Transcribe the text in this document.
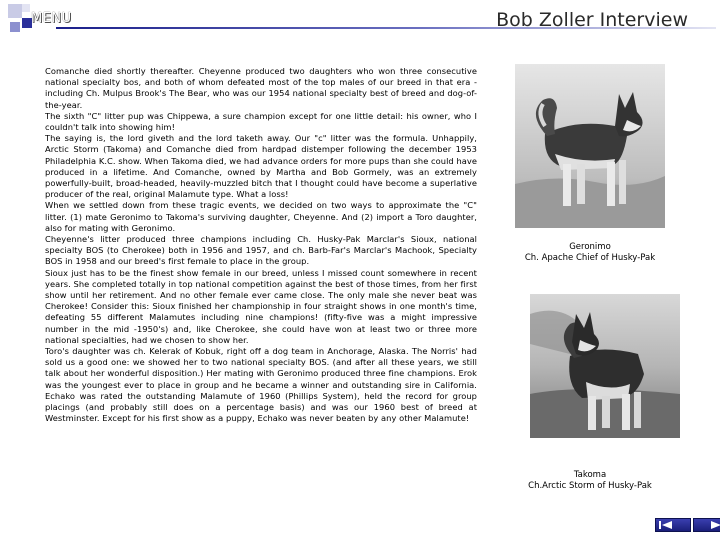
MENU	Bob Zoller Interview

Comanche died shortly thereafter. Cheyenne produced two daughters who won three consecutive national specialty bos, and both of whom defeated most of the top males of our breed in that era - including Ch. Mulpus Brook's The Bear, who was our 1954 national specialty best of breed and dog-of-the-year.

The sixth "C" litter pup was Chippewa, a sure champion except for one little detail: his owner, who I couldn't talk into showing him!

The saying is, the lord giveth and the lord taketh away. Our "c" litter was the formula. Unhappily, Arctic Storm (Takoma) and Comanche died from hardpad distemper following the december 1953 Philadelphia K.C. show. When Takoma died, we had advance orders for more pups than she could have produced in a lifetime. And Comanche, owned by Martha and Bob Gormely, was an extremely powerfully-built, broad-headed, heavily-muzzled bitch that I thought could have become a superlative producer of the real, original Malamute type. What a loss!

When we settled down from these tragic events, we decided on two ways to approximate the "C" litter. (1) mate Geronimo to Takoma's surviving daughter, Cheyenne. And (2) import a Toro daughter, also for mating with Geronimo.

Cheyenne's litter produced three champions including Ch. Husky-Pak Marclar's Sioux, national specialty BOS (to Cherokee) both in 1956 and 1957, and ch. Barb-Far's Marclar's Machook, Specialty BOS in 1958 and our breed's first female to place in the group.

Sioux just has to be the finest show female in our breed, unless I missed count somewhere in recent years. She completed totally in top national competition against the best of those times, from her first show until her retirement. And no other female ever came close. The only male she never beat was Cherokee! Consider this: Sioux finished her championship in four straight shows in one month's time, defeating 55 different Malamutes including nine champions! (fifty-five was a might impressive number in the mid -1950's) and, like Cherokee, she could have won at least two or three more national specialties, had we chosen to show her.

Toro's daughter was ch. Kelerak of Kobuk, right off a dog team in Anchorage, Alaska. The Norris' had sold us a good one: we showed her to two national specialty BOS. (and after all these years, we still talk about her wonderful disposition.) Her mating with Geronimo produced three fine champions. Erok was the youngest ever to place in group and he became a winner and outstanding sire in California. Echako was rated the outstanding Malamute of 1960 (Phillips System), held the record for group placings (and probably still does on a percentage basis) and was our 1960 best of breed at Westminster. Except for his first show as a puppy, Echako was never beaten by any other Malamute!

Geronimo
Ch. Apache Chief of Husky-Pak
Takoma
Ch.Arctic Storm of Husky-Pak
